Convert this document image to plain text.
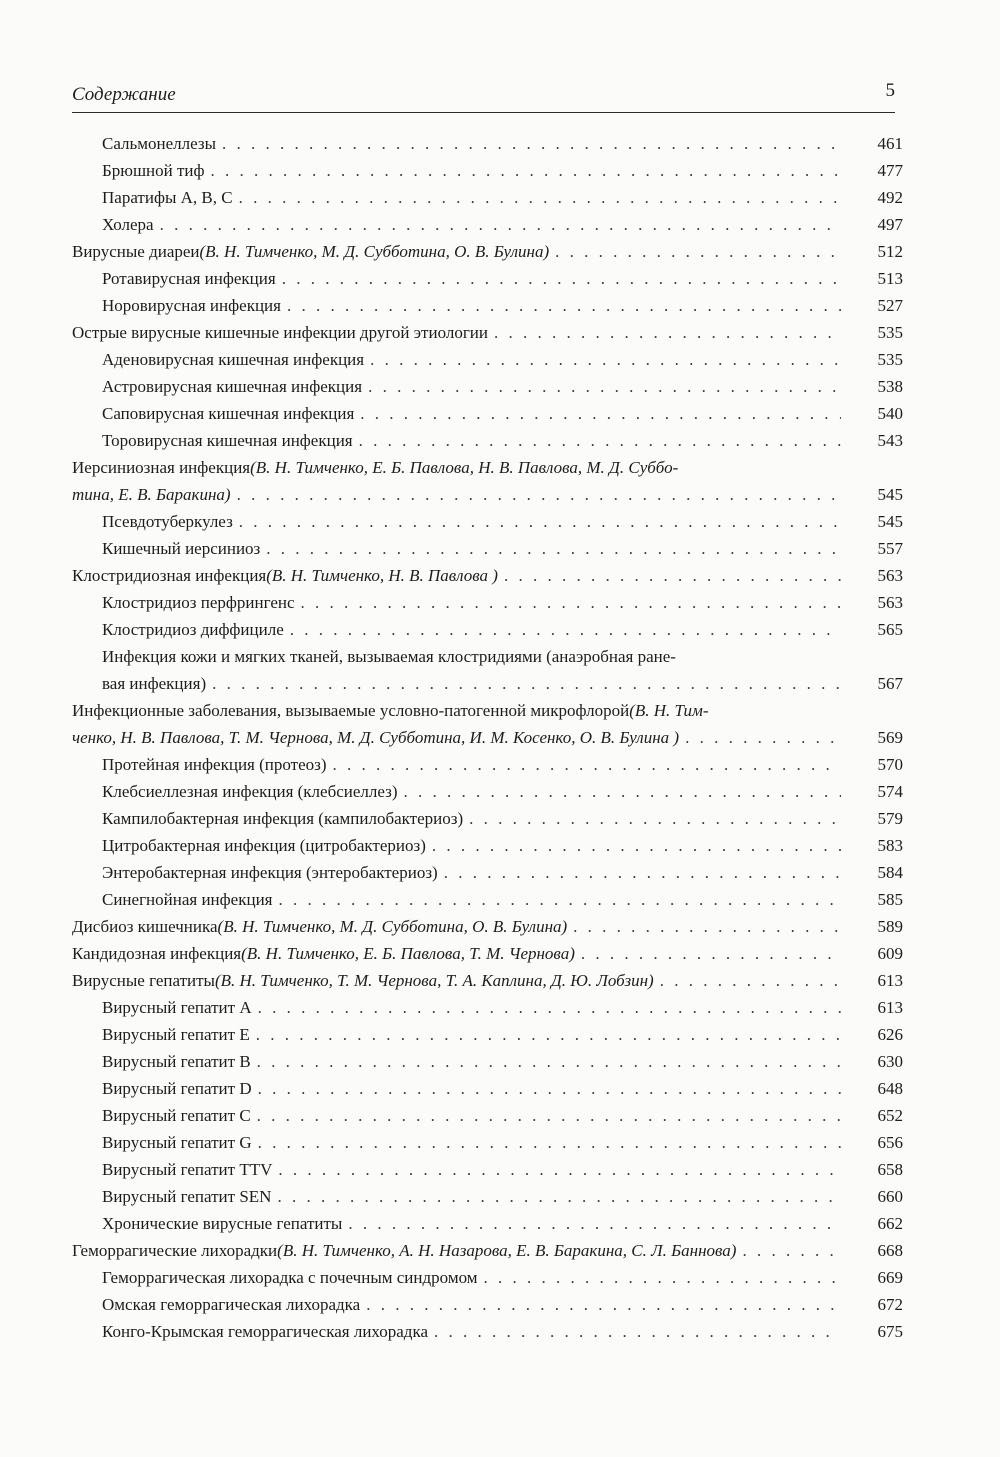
Содержание	5
Сальмонеллезы . . .	461
Брюшной тиф . . .	477
Паратифы А, В, С . . .	492
Холера . . .	497
Вирусные диареи (В. Н. Тимченко, М. Д. Субботина, О. В. Булина) . . .	512
Ротавирусная инфекция . . .	513
Норовирусная инфекция . . .	527
Острые вирусные кишечные инфекции другой этиологии . . .	535
Аденовирусная кишечная инфекция . . .	535
Астровирусная кишечная инфекция . . .	538
Саповирусная кишечная инфекция . . .	540
Торовирусная кишечная инфекция . . .	543
Иерсиниозная инфекция (В. Н. Тимченко, Е. Б. Павлова, Н. В. Павлова, М. Д. Суббо-
тина, Е. В. Баракина) . . .	545
Псевдотуберкулез . . .	545
Кишечный иерсиниоз . . .	557
Клостридиозная инфекция (В. Н. Тимченко, Н. В. Павлова ) . . .	563
Клостридиоз перфрингенс . . .	563
Клостридиоз диффициле . . .	565
Инфекция кожи и мягких тканей, вызываемая клостридиями (анаэробная ране-
вая инфекция) . . .	567
Инфекционные заболевания, вызываемые условно-патогенной микрофлорой (В. Н. Тим-
ченко, Н. В. Павлова, Т. М. Чернова, М. Д. Субботина, И. М. Косенко, О. В. Булина ) . . .	569
Протейная инфекция (протеоз) . . .	570
Клебсиеллезная инфекция (клебсиеллез) . . .	574
Кампилобактерная инфекция (кампилобактериоз) . . .	579
Цитробактерная инфекция (цитробактериоз) . . .	583
Энтеробактерная инфекция (энтеробактериоз) . . .	584
Синегнойная инфекция . . .	585
Дисбиоз кишечника (В. Н. Тимченко, М. Д. Субботина, О. В. Булина) . . .	589
Кандидозная инфекция (В. Н. Тимченко, Е. Б. Павлова, Т. М. Чернова) . . .	609
Вирусные гепатиты (В. Н. Тимченко, Т. М. Чернова, Т. А. Каплина, Д. Ю. Лобзин) . . .	613
Вирусный гепатит А . . .	613
Вирусный гепатит Е . . .	626
Вирусный гепатит В . . .	630
Вирусный гепатит D . . .	648
Вирусный гепатит С . . .	652
Вирусный гепатит G . . .	656
Вирусный гепатит TTV . . .	658
Вирусный гепатит SEN . . .	660
Хронические вирусные гепатиты . . .	662
Геморрагические лихорадки (В. Н. Тимченко, А. Н. Назарова, Е. В. Баракина, С. Л. Баннова) . . .	668
Геморрагическая лихорадка с почечным синдромом . . .	669
Омская геморрагическая лихорадка . . .	672
Конго-Крымская геморрагическая лихорадка . . .	675
